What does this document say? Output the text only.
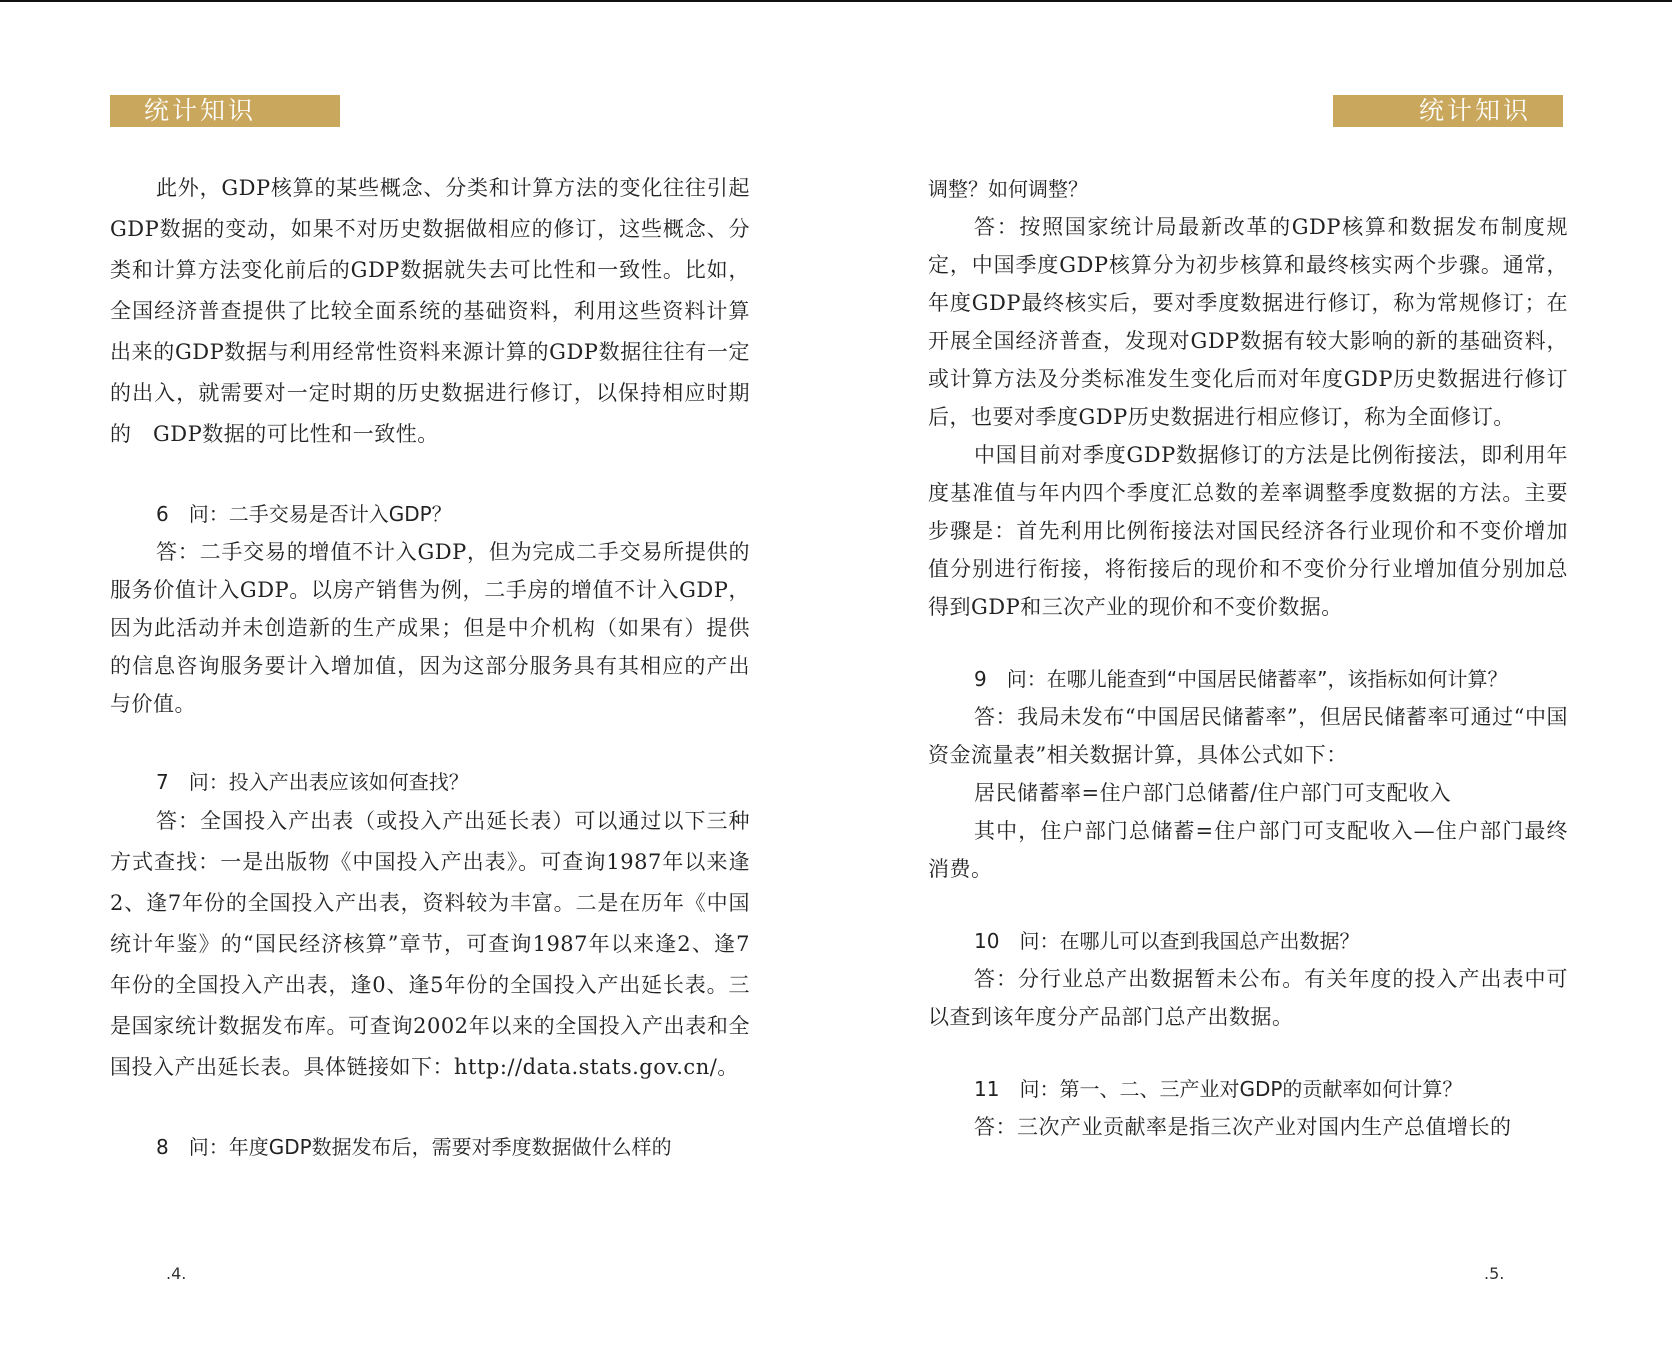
统计知识

此外，GDP核算的某些概念、分类和计算方法的变化往往引起GDP数据的变动，如果不对历史数据做相应的修订，这些概念、分类和计算方法变化前后的GDP数据就失去可比性和一致性。比如，全国经济普查提供了比较全面系统的基础资料，利用这些资料计算出来的GDP数据与利用经常性资料来源计算的GDP数据往往有一定的出入，就需要对一定时期的历史数据进行修订，以保持相应时期的　GDP数据的可比性和一致性。

6　问：二手交易是否计入GDP？

答：二手交易的增值不计入GDP，但为完成二手交易所提供的服务价值计入GDP。以房产销售为例，二手房的增值不计入GDP，因为此活动并未创造新的生产成果；但是中介机构（如果有）提供的信息咨询服务要计入增加值，因为这部分服务具有其相应的产出与价值。

7　问：投入产出表应该如何查找？

答：全国投入产出表（或投入产出延长表）可以通过以下三种方式查找：一是出版物《中国投入产出表》。可查询1987年以来逢2、逢7年份的全国投入产出表，资料较为丰富。二是在历年《中国统计年鉴》的“国民经济核算”章节，可查询1987年以来逢2、逢7年份的全国投入产出表，逢0、逢5年份的全国投入产出延长表。三是国家统计数据发布库。可查询2002年以来的全国投入产出表和全国投入产出延长表。具体链接如下：http://data.stats.gov.cn/。

8　问：年度GDP数据发布后，需要对季度数据做什么样的

.4.
统计知识

调整？如何调整？

答：按照国家统计局最新改革的GDP核算和数据发布制度规定，中国季度GDP核算分为初步核算和最终核实两个步骤。通常，年度GDP最终核实后，要对季度数据进行修订，称为常规修订；在开展全国经济普查，发现对GDP数据有较大影响的新的基础资料，或计算方法及分类标准发生变化后而对年度GDP历史数据进行修订后，也要对季度GDP历史数据进行相应修订，称为全面修订。

中国目前对季度GDP数据修订的方法是比例衔接法，即利用年度基准值与年内四个季度汇总数的差率调整季度数据的方法。主要步骤是：首先利用比例衔接法对国民经济各行业现价和不变价增加值分别进行衔接，将衔接后的现价和不变价分行业增加值分别加总得到GDP和三次产业的现价和不变价数据。

9　问：在哪儿能查到“中国居民储蓄率”，该指标如何计算？

答：我局未发布“中国居民储蓄率”，但居民储蓄率可通过“中国资金流量表”相关数据计算，具体公式如下：

居民储蓄率=住户部门总储蓄/住户部门可支配收入

其中，住户部门总储蓄=住户部门可支配收入—住户部门最终消费。

10　问：在哪儿可以查到我国总产出数据？

答：分行业总产出数据暂未公布。有关年度的投入产出表中可以查到该年度分产品部门总产出数据。

11　问：第一、二、三产业对GDP的贡献率如何计算？

答：三次产业贡献率是指三次产业对国内生产总值增长的

.5.
